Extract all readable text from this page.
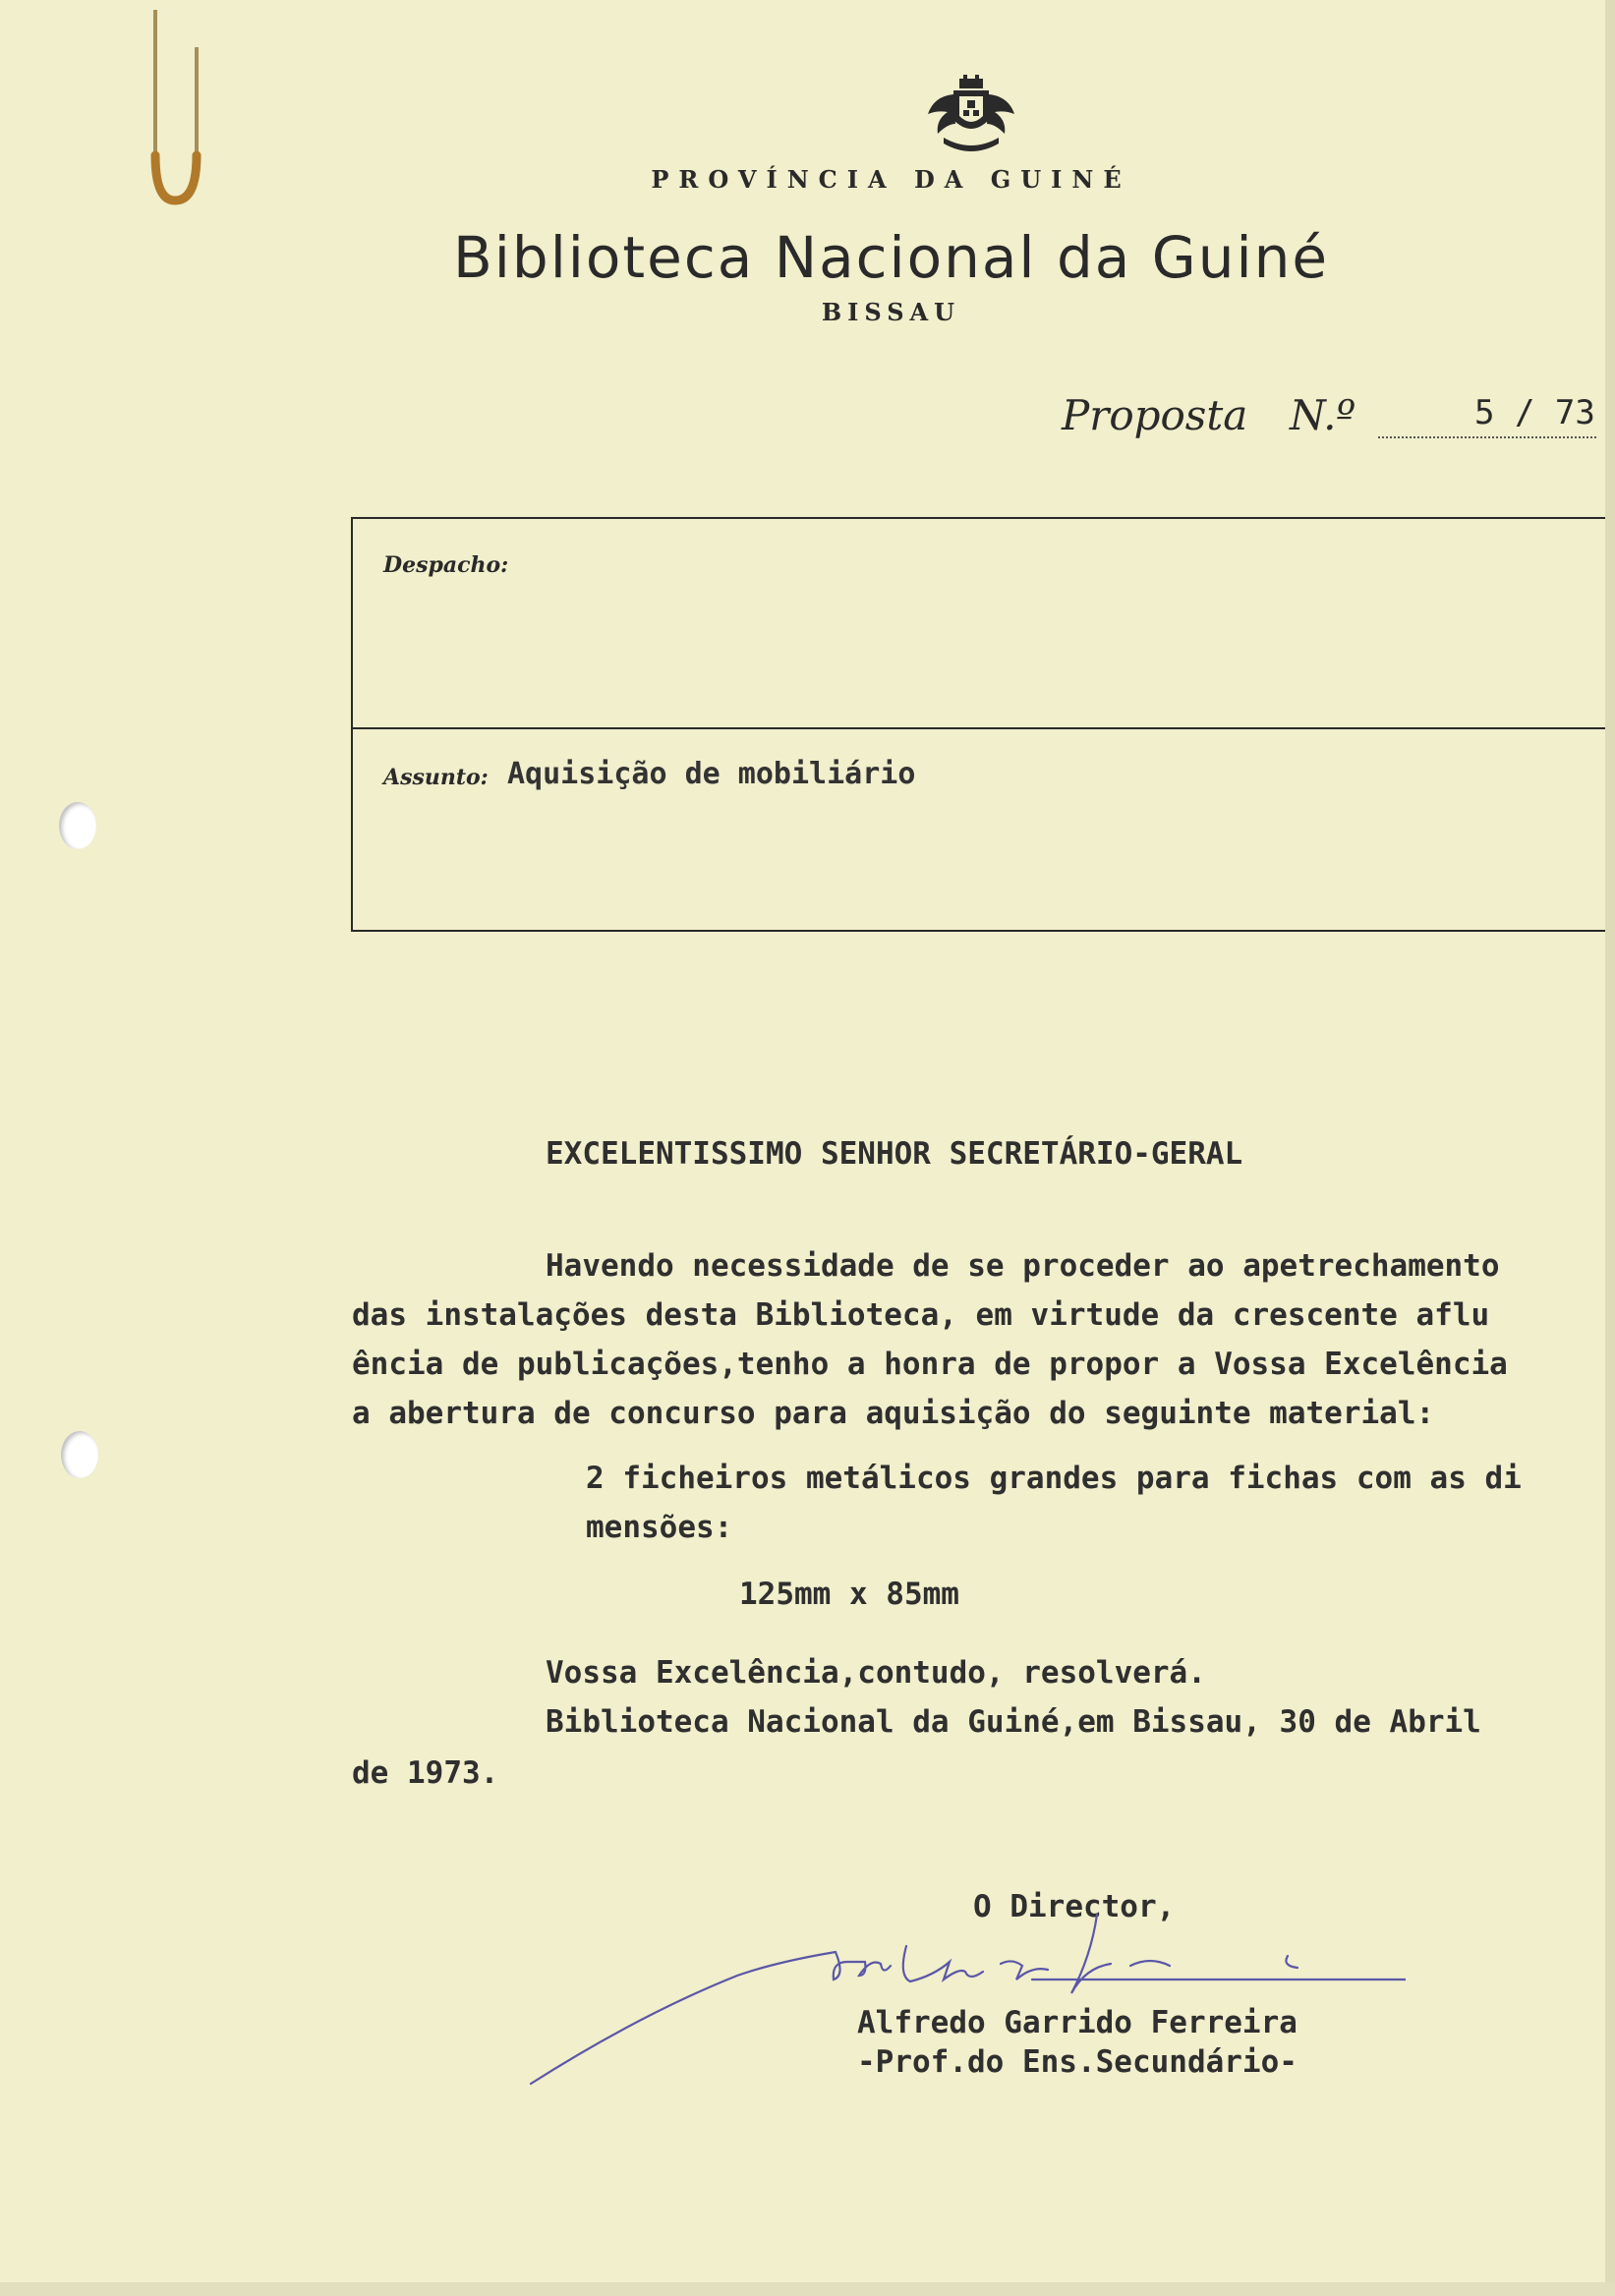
PROVÍNCIA DA GUINÉ
Biblioteca Nacional da Guiné
BISSAU
Proposta N.º	5 / 73
Despacho:
Assunto: Aquisição de mobiliário
EXCELENTISSIMO SENHOR SECRETÁRIO-GERAL
Havendo necessidade de se proceder ao apetrechamento
das instalações desta Biblioteca, em virtude da crescente aflu
ência de publicações,tenho a honra de propor a Vossa Excelência
a abertura de concurso para aquisição do seguinte material:
2 ficheiros metálicos grandes para fichas com as di
mensões:
125mm x 85mm
Vossa Excelência,contudo, resolverá.
Biblioteca Nacional da Guiné,em Bissau, 30 de Abril
de 1973.
O Director,
Alfredo Garrido Ferreira
-Prof.do Ens.Secundário-
